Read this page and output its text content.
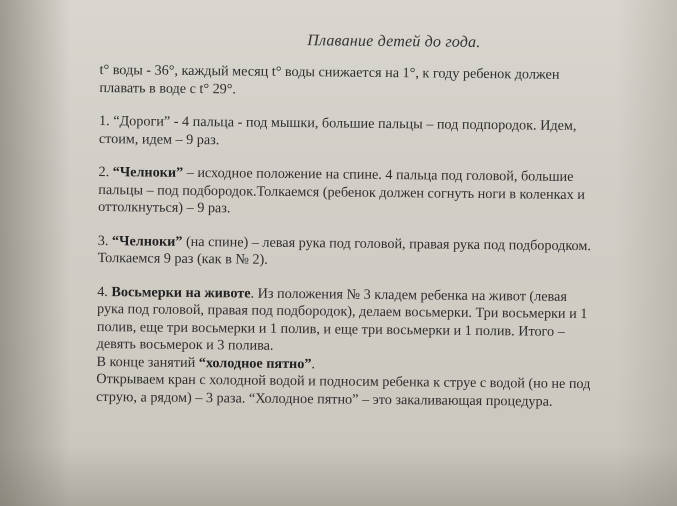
Плавание детей до года.
t° воды - 36°, каждый месяц t° воды снижается на 1°, к году ребенок должен
плавать в воде с t° 29°.
1. “Дороги” - 4 пальца - под мышки, большие пальцы – под подпородок. Идем,
стоим, идем – 9 раз.
2. “Челноки” – исходное положение на спине. 4 пальца под головой, большие
пальцы – под подбородок.Толкаемся (ребенок должен согнуть ноги в коленках и
оттолкнуться) – 9 раз.
3. “Челноки” (на спине) – левая рука под головой, правая рука под подбородком.
Толкаемся 9 раз (как в № 2).
4. Восьмерки на животе. Из положения № 3 кладем ребенка на живот (левая
рука под головой, правая под подбородок), делаем восьмерки. Три восьмерки и 1
полив, еще три восьмерки и 1 полив, и еще три восьмерки и 1 полив. Итого –
девять восьмерок и 3 полива.
В конце занятий “холодное пятно”.
Открываем кран с холодной водой и подносим ребенка к струе с водой (но не под
струю, а рядом) – 3 раза. “Холодное пятно” – это закаливающая процедура.
